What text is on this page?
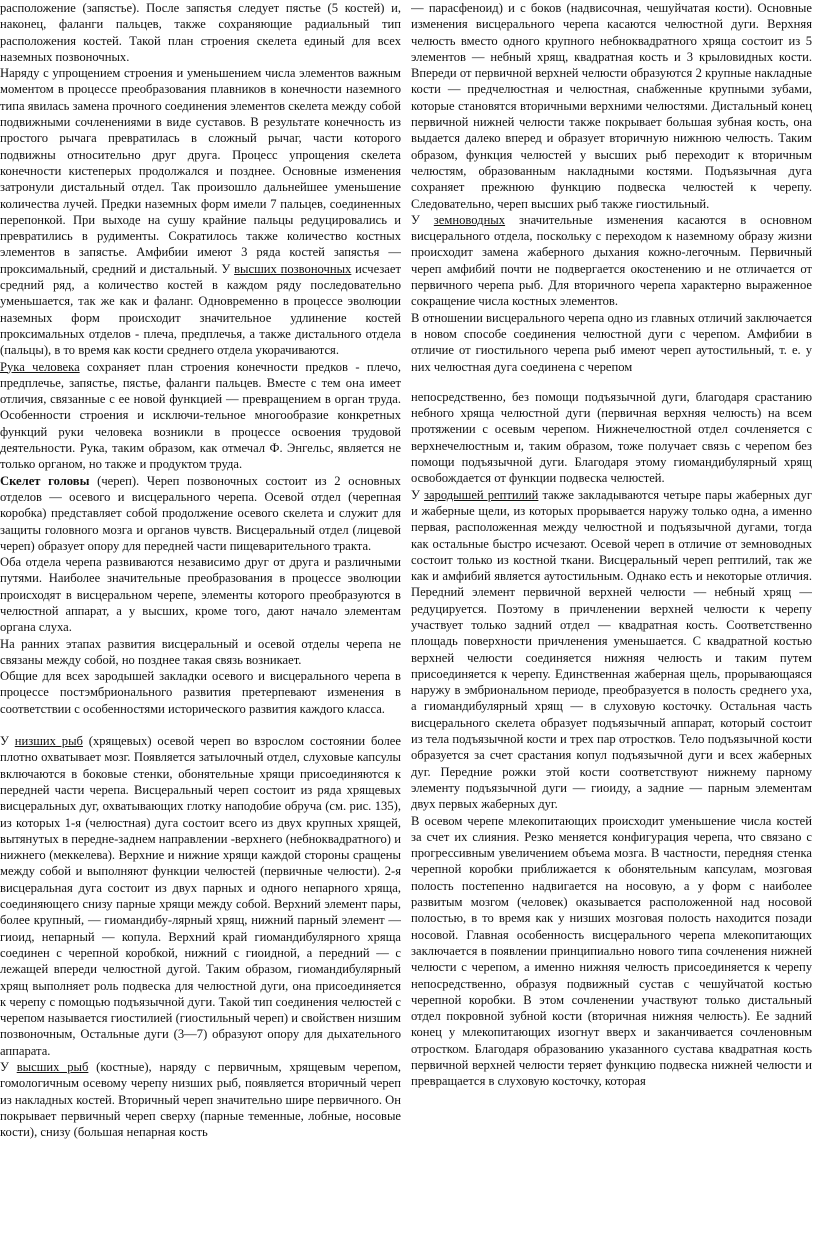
расположение (запястье). После запястья следует пястье (5 костей) и, наконец, фаланги пальцев, также сохраняющие радиальный тип расположения костей. Такой план строения скелета единый для всех наземных позвоночных.

Наряду с упрощением строения и уменьшением числа элементов важным моментом в процессе преобразования плавников в конечности наземного типа явилась замена прочного соединения элементов скелета между собой подвижными сочленениями в виде суставов. В результате конечность из простого рычага превратилась в сложный рычаг, части которого подвижны относительно друг друга. Процесс упрощения скелета конечности кистеперых продолжался и позднее. Основные изменения затронули дистальный отдел. Так произошло дальнейшее уменьшение количества лучей. Предки наземных форм имели 7 пальцев, соединенных перепонкой. При выходе на сушу крайние пальцы редуцировались и превратились в рудименты. Сократилось также количество костных элементов в запястье. Амфибии имеют 3 ряда костей запястья — проксимальный, средний и дистальный. У высших позвоночных исчезает средний ряд, а количество костей в каждом ряду последовательно уменьшается, так же как и фаланг. Одновременно в процессе эволюции наземных форм происходит значительное удлинение костей проксимальных отделов - плеча, предплечья, а также дистального отдела (пальцы), в то время как кости среднего отдела укорачиваются.

Рука человека сохраняет план строения конечности предков - плечо, предплечье, запястье, пястье, фаланги пальцев. Вместе с тем она имеет отличия, связанные с ее новой функцией — превращением в орган труда. Особенности строения и исключи-тельное многообразие конкретных функций руки человека возникли в процессе освоения трудовой деятельности. Рука, таким образом, как отмечал Ф. Энгельс, является не только органом, но также и продуктом труда.

Скелет головы (череп). Череп позвоночных состоит из 2 основных отделов — осевого и висцерального черепа. Осевой отдел (черепная коробка) представляет собой продолжение осевого скелета и служит для защиты головного мозга и органов чувств. Висцеральный отдел (лицевой череп) образует опору для передней части пищеварительного тракта.

Оба отдела черепа развиваются независимо друг от друга и различными путями. Наиболее значительные преобразования в процессе эволюции происходят в висцеральном черепе, элементы которого преобразуются в челюстной аппарат, а у высших, кроме того, дают начало элементам органа слуха.

На ранних этапах развития висцеральный и осевой отделы черепа не связаны между собой, но позднее такая связь возникает.

Общие для всех зародышей закладки осевого и висцерального черепа в процессе постэмбрионального развития претерпевают изменения в соответствии с особенностями исторического развития каждого класса.

У низших рыб (хрящевых) осевой череп во взрослом состоянии более плотно охватывает мозг. Появляется затылочный отдел, слуховые капсулы включаются в боковые стенки, обонятельные хрящи присоединяются к передней части черепа. Висцеральный череп состоит из ряда хрящевых висцеральных дуг, охватывающих глотку наподобие обруча (см. рис. 135), из которых 1-я (челюстная) дуга состоит всего из двух крупных хрящей, вытянутых в передне-заднем направлении -верхнего (небноквадратного) и нижнего (меккелева). Верхние и нижние хрящи каждой стороны сращены между собой и выполняют функции челюстей (первичные челюсти). 2-я висцеральная дуга состоит из двух парных и одного непарного хряща, соединяющего снизу парные хрящи между собой. Верхний элемент пары, более крупный, — гиомандибу-лярный хрящ, нижний парный элемент — гиоид, непарный — копула. Верхний край гиомандибулярного хряща соединен с черепной коробкой, нижний с гиоидной, а передний — с лежащей впереди челюстной дугой. Таким образом, гиомандибулярный хрящ выполняет роль подвеска для челюстной дуги, она присоединяется к черепу с помощью подъязычной дуги. Такой тип соединения челюстей с черепом называется гиостилией (гиостильный череп) и свойствен низшим позвоночным, Остальные дуги (3—7) образуют опору для дыхательного аппарата.

У высших рыб (костные), наряду с первичным, хрящевым черепом, гомологичным осевому черепу низших рыб, появляется вторичный череп из накладных костей. Вторичный череп значительно шире первичного. Он покрывает первичный череп сверху (парные теменные, лобные, носовые кости), снизу (большая непарная кость

— парасфеноид) и с боков (надвисочная, чешуйчатая кости). Основные изменения висцерального черепа касаются челюстной дуги. Верхняя челюсть вместо одного крупного небноквадратного хряща состоит из 5 элементов — небный хрящ, квадратная кость и 3 крыловидных кости. Впереди от первичной верхней челюсти образуются 2 крупные накладные кости — предчелюстная и челюстная, снабженные крупными зубами, которые становятся вторичными верхними челюстями. Дистальный конец первичной нижней челюсти также покрывает большая зубная кость, она выдается далеко вперед и образует вторичную нижнюю челюсть. Таким образом, функция челюстей у высших рыб переходит к вторичным челюстям, образованным накладными костями. Подъязычная дуга сохраняет прежнюю функцию подвеска челюстей к черепу. Следовательно, череп высших рыб также гиостильный.

У земноводных значительные изменения касаются в основном висцерального отдела, поскольку с переходом к наземному образу жизни происходит замена жаберного дыхания кожно-легочным. Первичный череп амфибий почти не подвергается окостенению и не отличается от первичного черепа рыб. Для вторичного черепа характерно выраженное сокращение числа костных элементов.

В отношении висцерального черепа одно из главных отличий заключается в новом способе соединения челюстной дуги с черепом. Амфибии в отличие от гиостильного черепа рыб имеют череп аутостильный, т. е. у них челюстная дуга соединена с черепом

непосредственно, без помощи подъязычной дуги, благодаря срастанию небного хряща челюстной дуги (первичная верхняя челюсть) на всем протяжении с осевым черепом. Нижнечелюстной отдел сочленяется с верхнечелюстным и, таким образом, тоже получает связь с черепом без помощи подъязычной дуги. Благодаря этому гиомандибулярный хрящ освобождается от функции подвеска челюстей.

У зародышей рептилий также закладываются четыре пары жаберных дуг и жаберные щели, из которых прорывается наружу только одна, а именно первая, расположенная между челюстной и подъязычной дугами, тогда как остальные быстро исчезают. Осевой череп в отличие от земноводных состоит только из костной ткани. Висцеральный череп рептилий, так же как и амфибий является аутостильным. Однако есть и некоторые отличия. Передний элемент первичной верхней челюсти — небный хрящ — редуцируется. Поэтому в причленении верхней челюсти к черепу участвует только задний отдел — квадратная кость. Соответственно площадь поверхности причленения уменьшается. С квадратной костью верхней челюсти соединяется нижняя челюсть и таким путем присоединяется к черепу. Единственная жаберная щель, прорывающаяся наружу в эмбриональном периоде, преобразуется в полость среднего уха, а гиомандибулярный хрящ — в слуховую косточку. Остальная часть висцерального скелета образует подъязычный аппарат, который состоит из тела подъязычной кости и трех пар отростков. Тело подъязычной кости образуется за счет срастания копул подъязычной дуги и всех жаберных дуг. Передние рожки этой кости соответствуют нижнему парному элементу подъязычной дуги — гиоиду, а задние — парным элементам двух первых жаберных дуг.

В осевом черепе млекопитающих происходит уменьшение числа костей за счет их слияния. Резко меняется конфигурация черепа, что связано с прогрессивным увеличением объема мозга. В частности, передняя стенка черепной коробки приближается к обонятельным капсулам, мозговая полость постепенно надвигается на носовую, а у форм с наиболее развитым мозгом (человек) оказывается расположенной над носовой полостью, в то время как у низших мозговая полость находится позади носовой. Главная особенность висцерального черепа млекопитающих заключается в появлении принципиально нового типа сочленения нижней челюсти с черепом, а именно нижняя челюсть присоединяется к черепу непосредственно, образуя подвижный сустав с чешуйчатой костью черепной коробки. В этом сочленении участвуют только дистальный отдел покровной зубной кости (вторичная нижняя челюсть). Ее задний конец у млекопитающих изогнут вверх и заканчивается сочленовным отростком. Благодаря образованию указанного сустава квадратная кость первичной верхней челюсти теряет функцию подвеска нижней челюсти и превращается в слуховую косточку, которая
